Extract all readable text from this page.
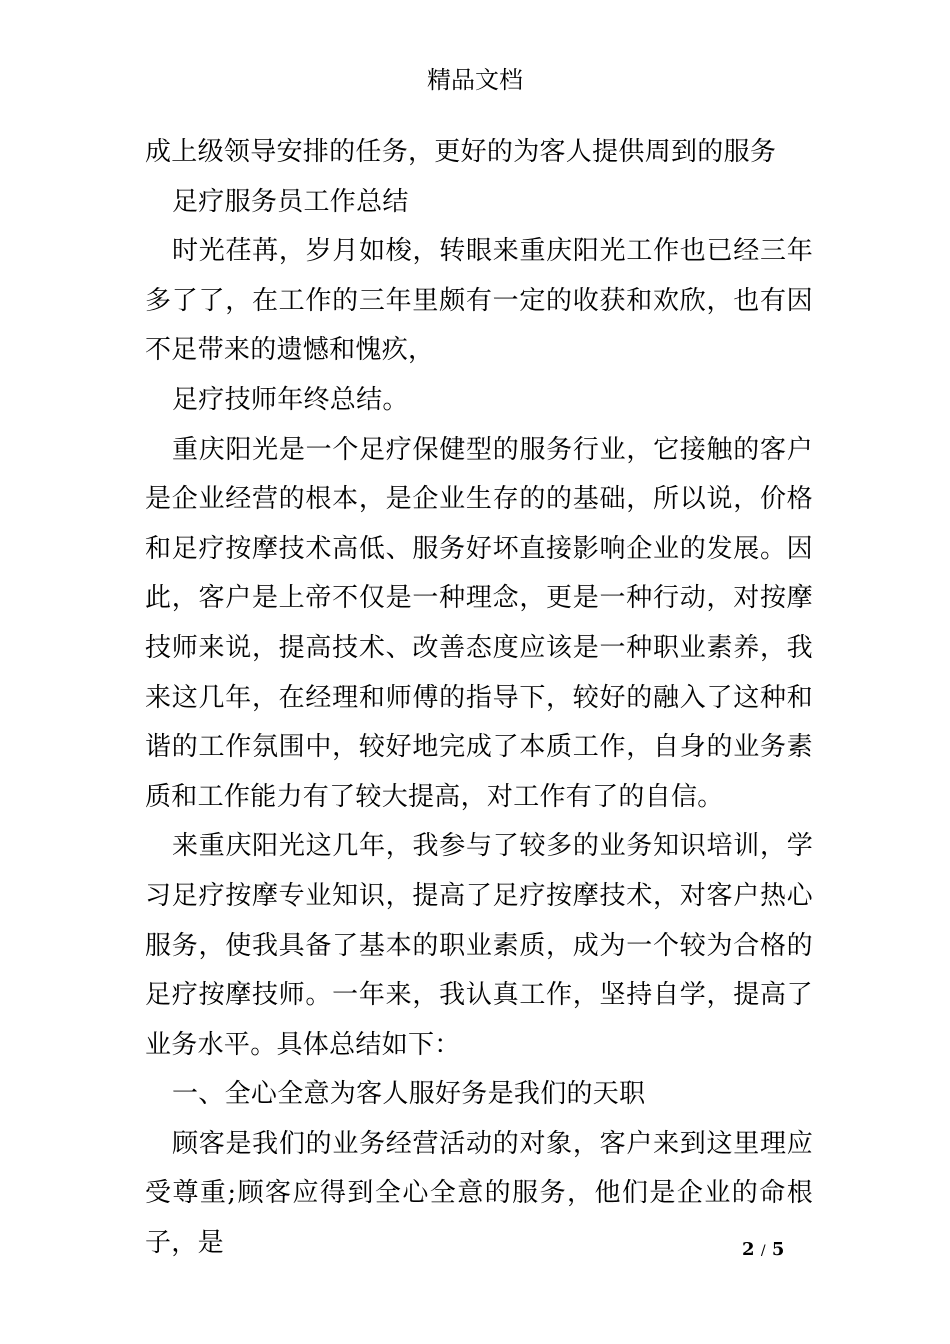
精品文档

成上级领导安排的任务，更好的为客人提供周到的服务

足疗服务员工作总结

时光荏苒，岁月如梭，转眼来重庆阳光工作也已经三年多了了，在工作的三年里颇有一定的收获和欢欣，也有因不足带来的遗憾和愧疚，

足疗技师年终总结。

重庆阳光是一个足疗保健型的服务行业，它接触的客户是企业经营的根本，是企业生存的的基础，所以说，价格和足疗按摩技术高低、服务好坏直接影响企业的发展。因此，客户是上帝不仅是一种理念，更是一种行动，对按摩技师来说，提高技术、改善态度应该是一种职业素养，我来这几年，在经理和师傅的指导下，较好的融入了这种和谐的工作氛围中，较好地完成了本质工作，自身的业务素质和工作能力有了较大提高，对工作有了的自信。

来重庆阳光这几年，我参与了较多的业务知识培训，学习足疗按摩专业知识，提高了足疗按摩技术，对客户热心服务，使我具备了基本的职业素质，成为一个较为合格的足疗按摩技师。一年来，我认真工作，坚持自学，提高了业务水平。具体总结如下：

一、全心全意为客人服好务是我们的天职

顾客是我们的业务经营活动的对象，客户来到这里理应受尊重;顾客应得到全心全意的服务，他们是企业的命根子，是	2 / 5
